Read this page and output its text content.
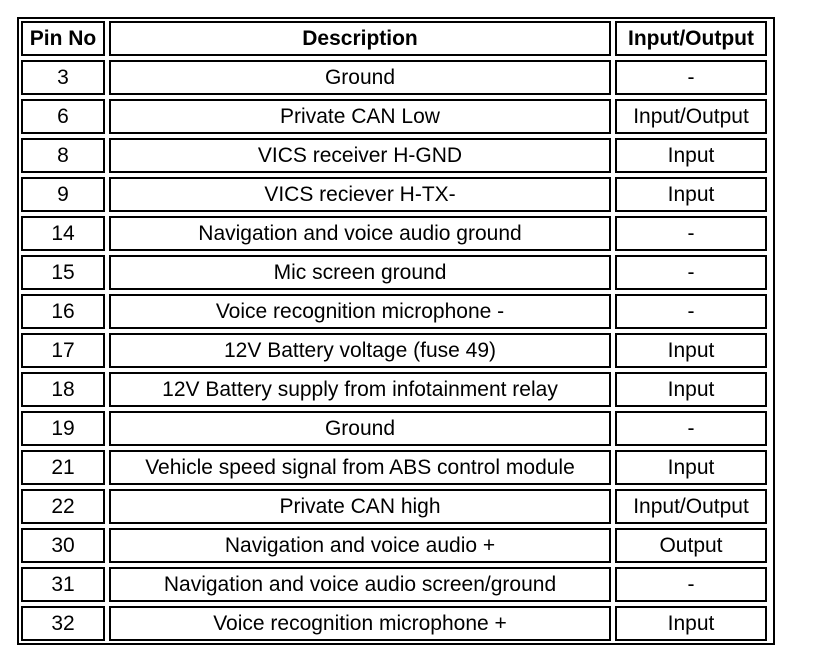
Pin No	Description	Input/Output
3	Ground	-
6	Private CAN Low	Input/Output
8	VICS receiver H-GND	Input
9	VICS reciever H-TX-	Input
14	Navigation and voice audio ground	-
15	Mic screen ground	-
16	Voice recognition microphone -	-
17	12V Battery voltage (fuse 49)	Input
18	12V Battery supply from infotainment relay	Input
19	Ground	-
21	Vehicle speed signal from ABS control module	Input
22	Private CAN high	Input/Output
30	Navigation and voice audio +	Output
31	Navigation and voice audio screen/ground	-
32	Voice recognition microphone +	Input
